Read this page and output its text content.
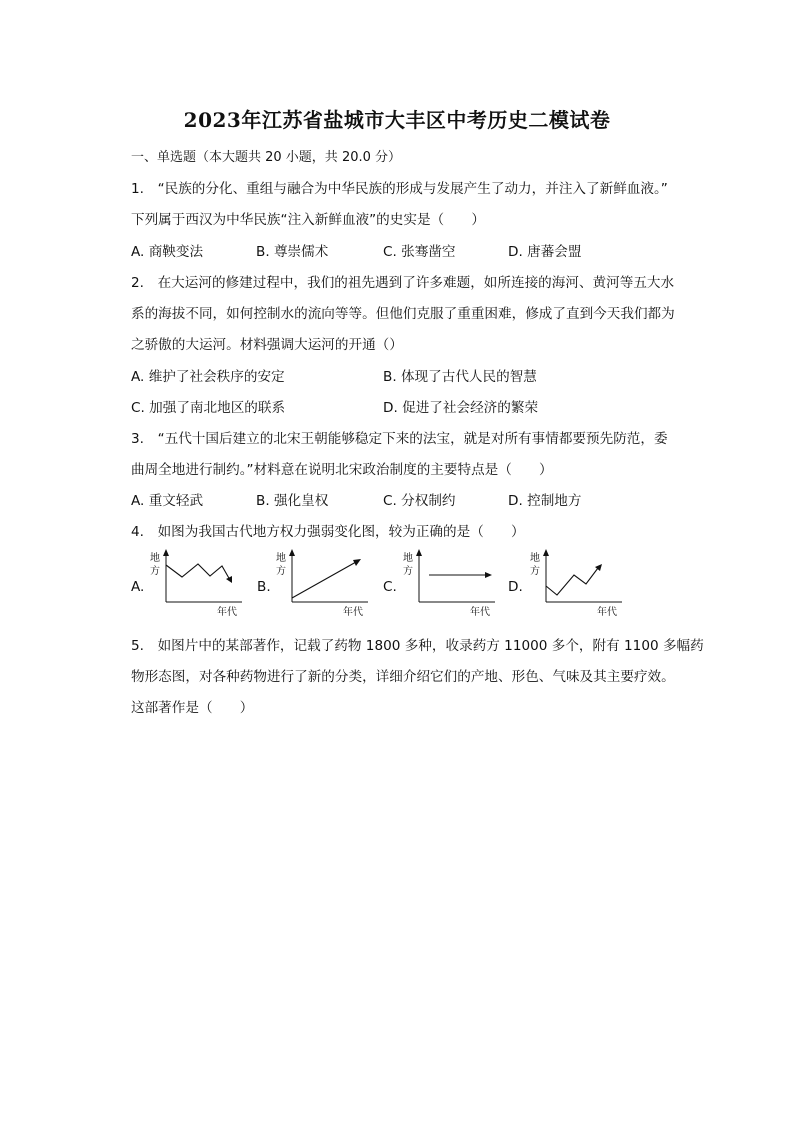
2023年江苏省盐城市大丰区中考历史二模试卷
一、单选题（本大题共 20 小题，共 20.0 分）
1.　“民族的分化、重组与融合为中华民族的形成与发展产生了动力，并注入了新鲜血液。”
下列属于西汉为中华民族“注入新鲜血液”的史实是（　　）
A. 商鞅变法	B. 尊崇儒术	C. 张骞凿空	D. 唐蕃会盟
2.　在大运河的修建过程中，我们的祖先遇到了许多难题，如所连接的海河、黄河等五大水
系的海拔不同，如何控制水的流向等等。但他们克服了重重困难，修成了直到今天我们都为
之骄傲的大运河。材料强调大运河的开通（）
A. 维护了社会秩序的安定	B. 体现了古代人民的智慧
C. 加强了南北地区的联系	D. 促进了社会经济的繁荣
3.　“五代十国后建立的北宋王朝能够稳定下来的法宝，就是对所有事情都要预先防范，委
曲周全地进行制约。”材料意在说明北宋政治制度的主要特点是（　　）
A. 重文轻武	B. 强化皇权	C. 分权制约	D. 控制地方
4.　如图为我国古代地方权力强弱变化图，较为正确的是（　　）
A.
地
方
年代
B.
地
方
年代
C.
地
方
年代
D.
地
方
年代
5.　如图片中的某部著作，记载了药物 1800 多种，收录药方 11000 多个，附有 1100 多幅药
物形态图，对各种药物进行了新的分类，详细介绍它们的产地、形色、气味及其主要疗效。
这部著作是（　　）
